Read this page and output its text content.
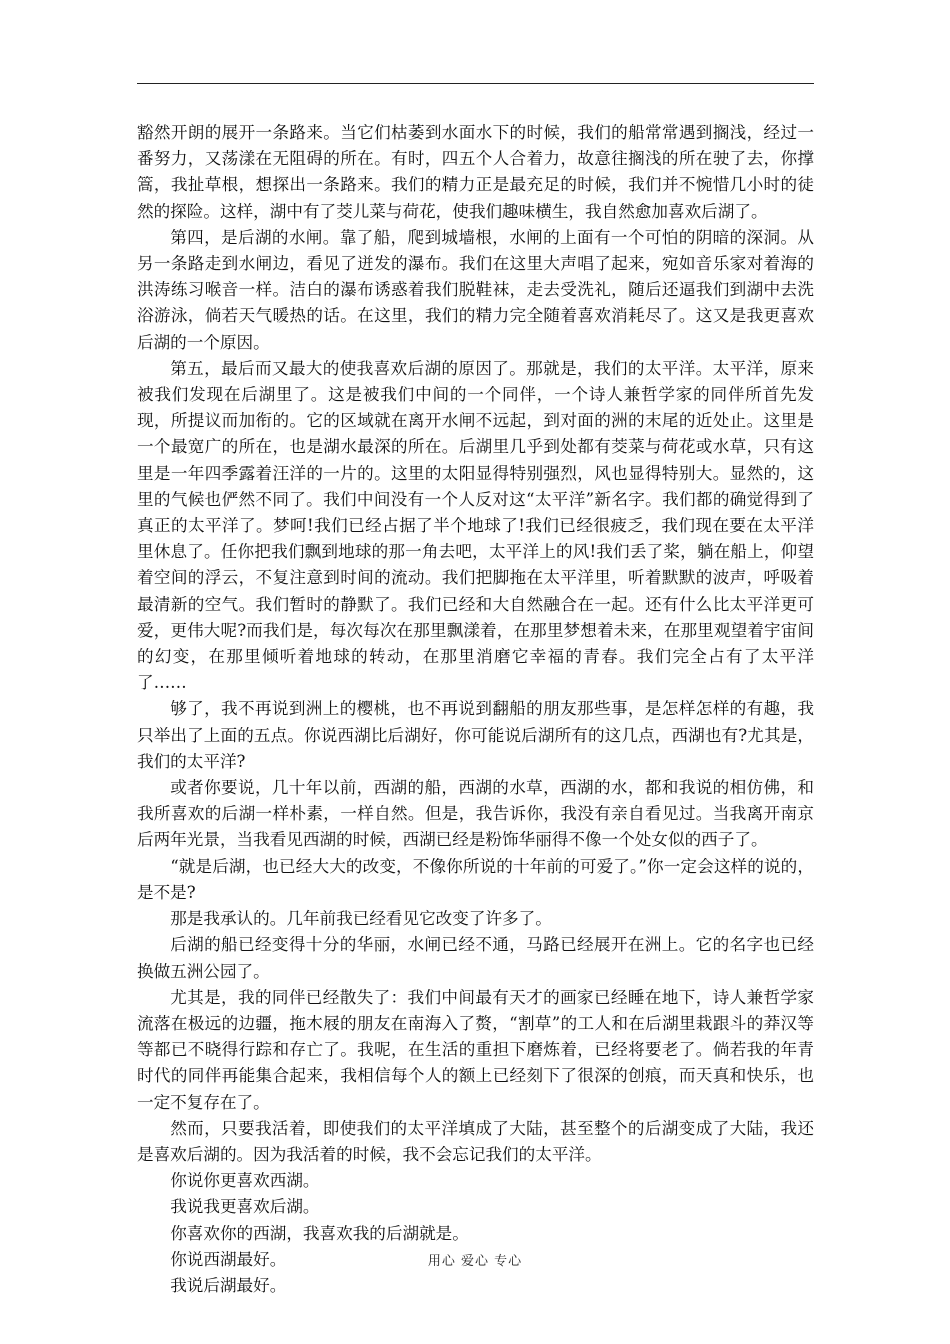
豁然开朗的展开一条路来。当它们枯萎到水面水下的时候，我们的船常常遇到搁浅，经过一番努力，又荡漾在无阻碍的所在。有时，四五个人合着力，故意往搁浅的所在驶了去，你撑篙，我扯草根，想探出一条路来。我们的精力正是最充足的时候，我们并不惋惜几小时的徒然的探险。这样，湖中有了茭儿菜与荷花，使我们趣味横生，我自然愈加喜欢后湖了。

第四，是后湖的水闸。靠了船，爬到城墙根，水闸的上面有一个可怕的阴暗的深洞。从另一条路走到水闸边，看见了迸发的瀑布。我们在这里大声唱了起来，宛如音乐家对着海的洪涛练习喉音一样。洁白的瀑布诱惑着我们脱鞋袜，走去受洗礼，随后还逼我们到湖中去洗浴游泳，倘若天气暖热的话。在这里，我们的精力完全随着喜欢消耗尽了。这又是我更喜欢后湖的一个原因。

第五，最后而又最大的使我喜欢后湖的原因了。那就是，我们的太平洋。太平洋，原来被我们发现在后湖里了。这是被我们中间的一个同伴，一个诗人兼哲学家的同伴所首先发现，所提议而加衔的。它的区域就在离开水闸不远起，到对面的洲的末尾的近处止。这里是一个最宽广的所在，也是湖水最深的所在。后湖里几乎到处都有茭菜与荷花或水草，只有这里是一年四季露着汪洋的一片的。这里的太阳显得特别强烈，风也显得特别大。显然的，这里的气候也俨然不同了。我们中间没有一个人反对这“太平洋”新名字。我们都的确觉得到了真正的太平洋了。梦呵!我们已经占据了半个地球了!我们已经很疲乏，我们现在要在太平洋里休息了。任你把我们飘到地球的那一角去吧，太平洋上的风!我们丢了桨，躺在船上，仰望着空间的浮云，不复注意到时间的流动。我们把脚拖在太平洋里，听着默默的波声，呼吸着最清新的空气。我们暂时的静默了。我们已经和大自然融合在一起。还有什么比太平洋更可爱，更伟大呢?而我们是，每次每次在那里飘漾着，在那里梦想着未来，在那里观望着宇宙间的幻变，在那里倾听着地球的转动，在那里消磨它幸福的青春。我们完全占有了太平洋了……

够了，我不再说到洲上的樱桃，也不再说到翻船的朋友那些事，是怎样怎样的有趣，我只举出了上面的五点。你说西湖比后湖好，你可能说后湖所有的这几点，西湖也有?尤其是，我们的太平洋?

或者你要说，几十年以前，西湖的船，西湖的水草，西湖的水，都和我说的相仿佛，和我所喜欢的后湖一样朴素，一样自然。但是，我告诉你，我没有亲自看见过。当我离开南京后两年光景，当我看见西湖的时候，西湖已经是粉饰华丽得不像一个处女似的西子了。

“就是后湖，也已经大大的改变，不像你所说的十年前的可爱了。”你一定会这样的说的，是不是?

那是我承认的。几年前我已经看见它改变了许多了。

后湖的船已经变得十分的华丽，水闸已经不通，马路已经展开在洲上。它的名字也已经换做五洲公园了。

尤其是，我的同伴已经散失了：我们中间最有天才的画家已经睡在地下，诗人兼哲学家流落在极远的边疆，拖木屐的朋友在南海入了赘，“割草”的工人和在后湖里栽跟斗的莽汉等等都已不晓得行踪和存亡了。我呢，在生活的重担下磨炼着，已经将要老了。倘若我的年青时代的同伴再能集合起来，我相信每个人的额上已经刻下了很深的创痕，而天真和快乐，也一定不复存在了。

然而，只要我活着，即使我们的太平洋填成了大陆，甚至整个的后湖变成了大陆，我还是喜欢后湖的。因为我活着的时候，我不会忘记我们的太平洋。

你说你更喜欢西湖。

我说我更喜欢后湖。

你喜欢你的西湖，我喜欢我的后湖就是。

你说西湖最好。

我说后湖最好。

用心 爱心 专心
